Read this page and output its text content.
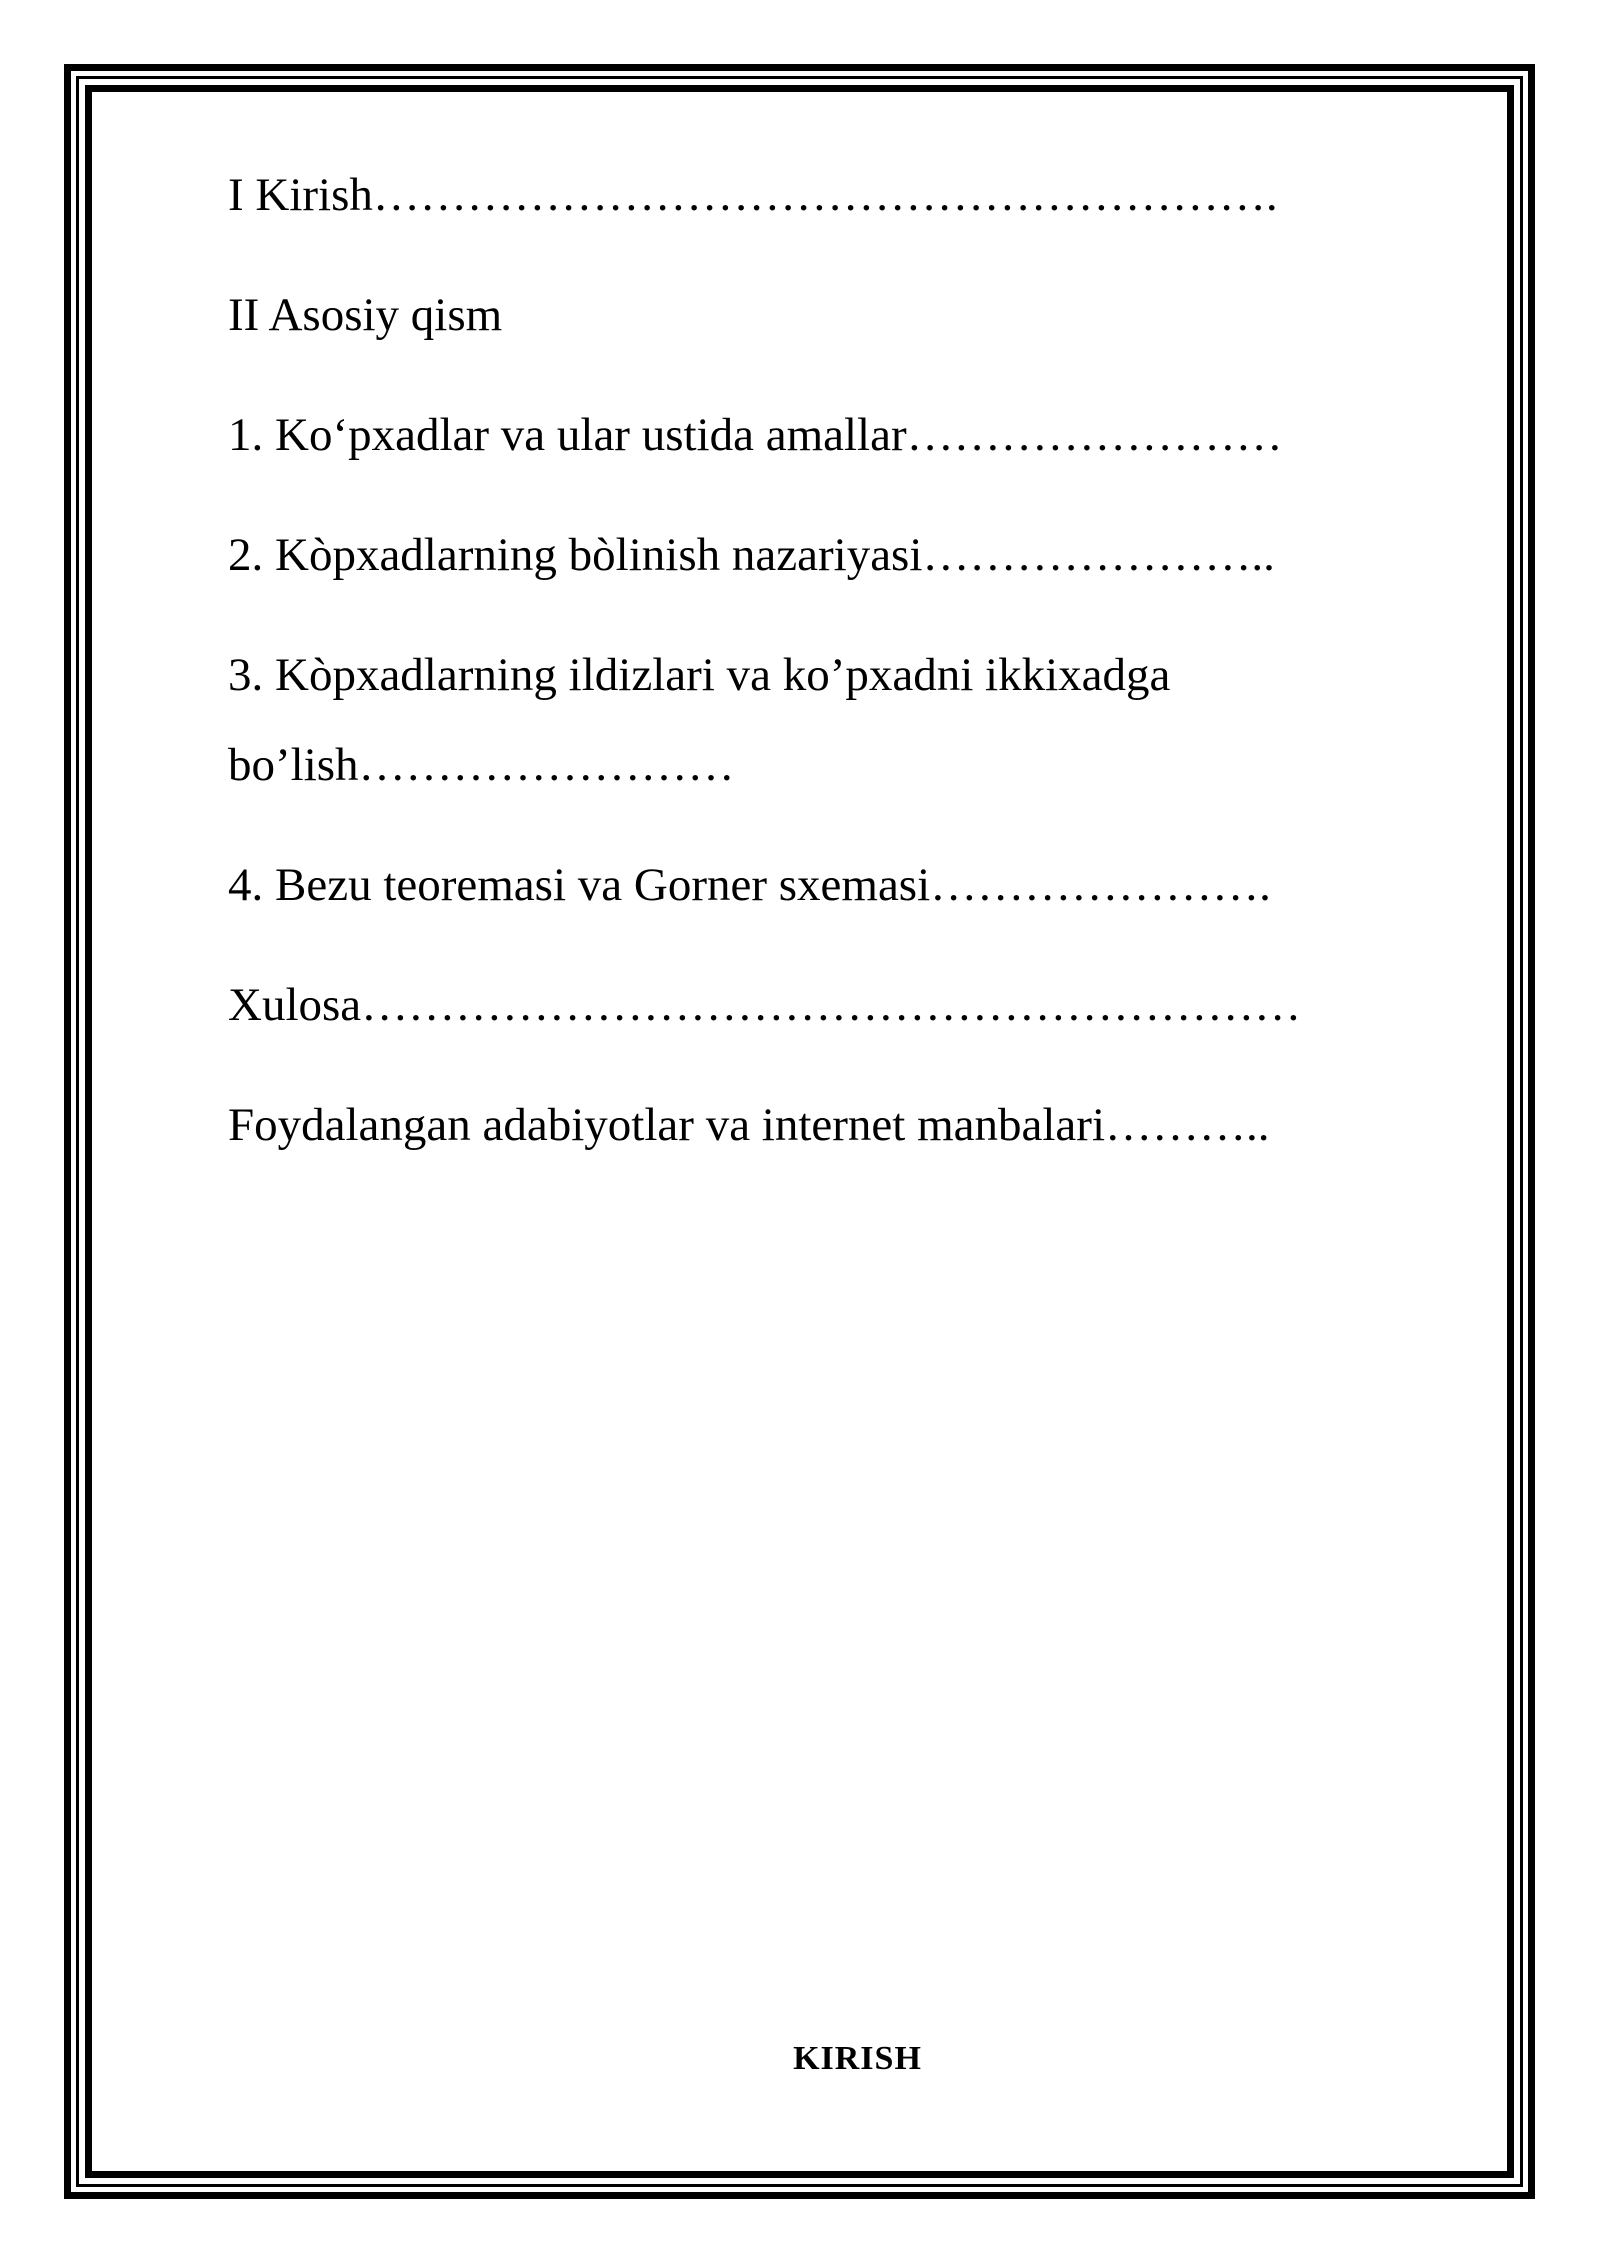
I Kirish………………………………………………….
II Asosiy qism
1. Ko‘pxadlar va ular ustida amallar……………………
2. Kòpxadlarning bòlinish nazariyasi…………………..
3. Kòpxadlarning ildizlari va ko’pxadni ikkixadga bo’lish……………………
4. Bezu teoremasi va Gorner sxemasi………………….
Xulosa……………………………………………………
Foydalangan adabiyotlar va internet manbalari………..
KIRISH
